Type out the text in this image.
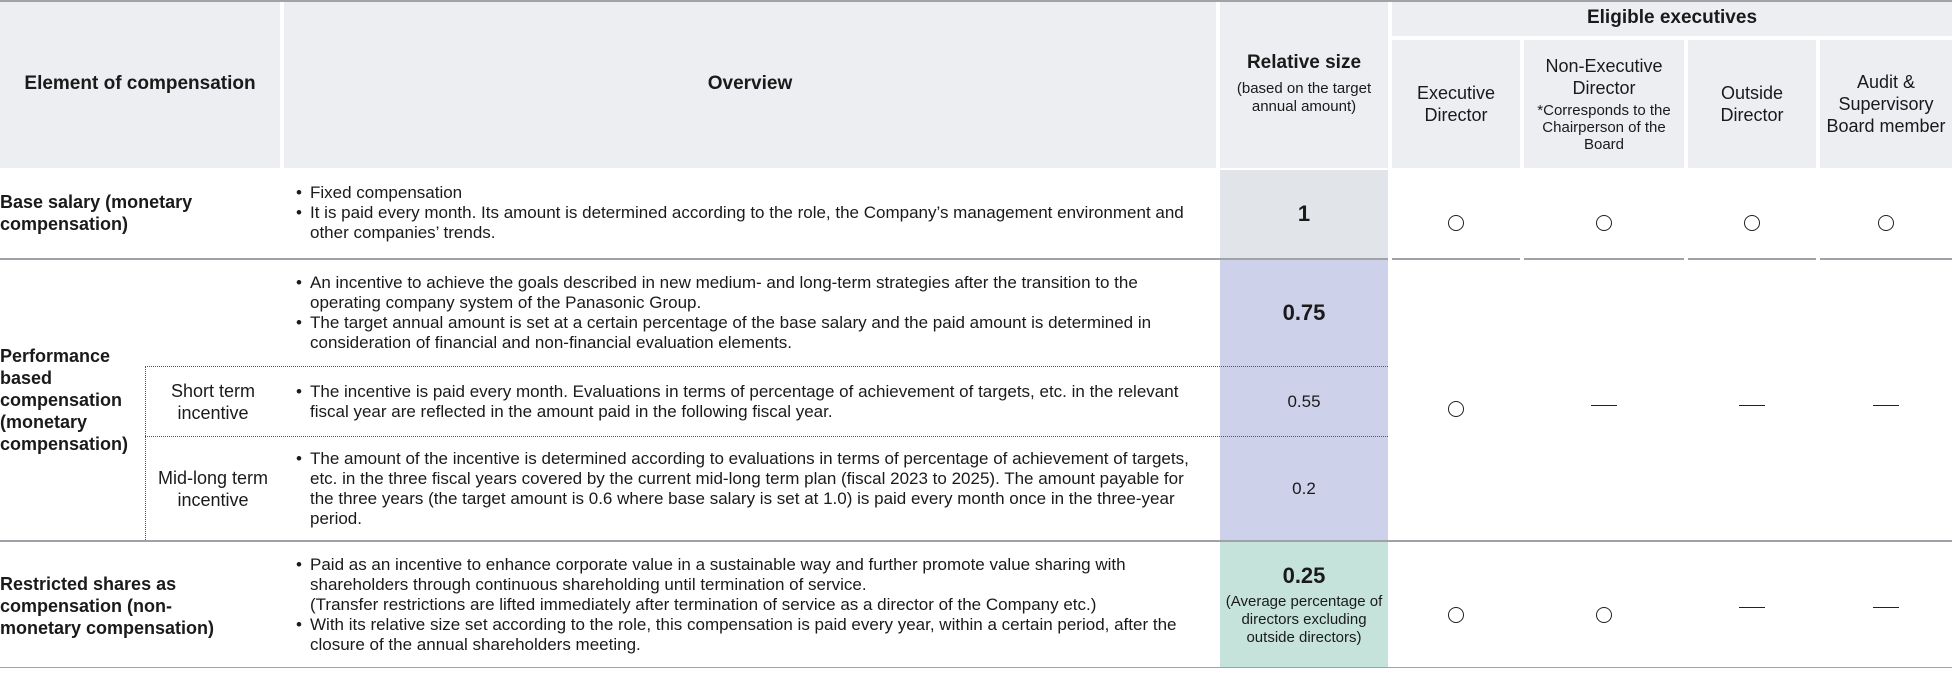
Element of compensation	Overview
Relative size
(based on the target annual amount)
Eligible executives
Executive Director
Non-Executive Director
*Corresponds to the Chairperson of the Board
Outside Director
Audit & Supervisory Board member
Base salary (monetary compensation)
• Fixed compensation
• It is paid every month. Its amount is determined according to the role, the Company’s management environment and other companies’ trends.
1
Performance based compensation (monetary compensation)
• An incentive to achieve the goals described in new medium- and long-term strategies after the transition to the operating company system of the Panasonic Group.
• The target annual amount is set at a certain percentage of the base salary and the paid amount is determined in consideration of financial and non-financial evaluation elements.
0.75
Short term incentive
• The incentive is paid every month. Evaluations in terms of percentage of achievement of targets, etc. in the relevant fiscal year are reflected in the amount paid in the following fiscal year.
0.55
Mid-long term incentive
• The amount of the incentive is determined according to evaluations in terms of percentage of achievement of targets, etc. in the three fiscal years covered by the current mid-long term plan (fiscal 2023 to 2025). The amount payable for the three years (the target amount is 0.6 where base salary is set at 1.0) is paid every month once in the three-year period.
0.2
Restricted shares as compensation (non-monetary compensation)
• Paid as an incentive to enhance corporate value in a sustainable way and further promote value sharing with shareholders through continuous shareholding until termination of service.
(Transfer restrictions are lifted immediately after termination of service as a director of the Company etc.)
• With its relative size set according to the role, this compensation is paid every year, within a certain period, after the closure of the annual shareholders meeting.
0.25
(Average percentage of directors excluding outside directors)
